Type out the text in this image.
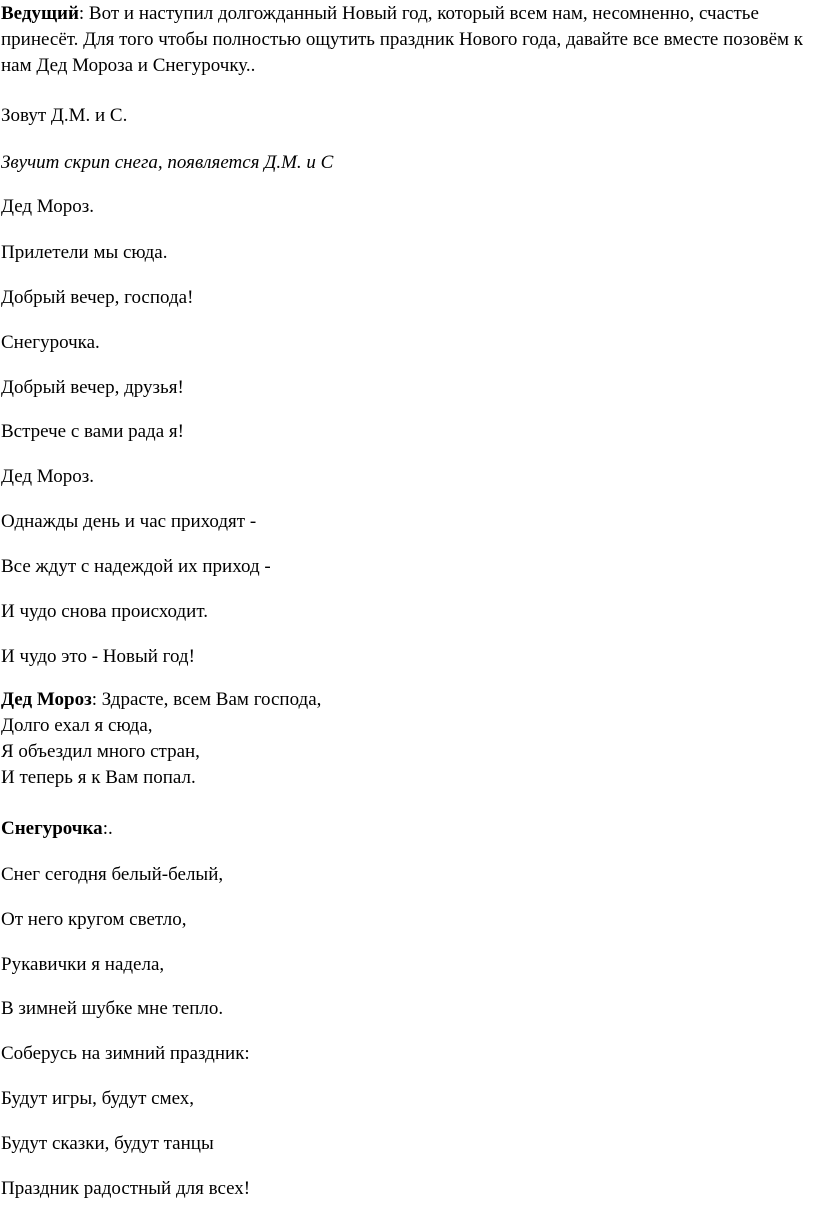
Ведущий: Вот и наступил долгожданный Новый год, который всем нам, несомненно, счастье принесёт. Для того чтобы полностью ощутить праздник Нового года, давайте все вместе позовём к нам Дед Мороза и Снегурочку..

Зовут Д.М. и С.

Звучит скрип снега, появляется Д.М. и С

Дед Мороз.

Прилетели мы сюда.

Добрый вечер, господа!

Снегурочка.

Добрый вечер, друзья!

Встрече с вами рада я!

Дед Мороз.

Однажды день и час приходят -

Все ждут с надеждой их приход -

И чудо снова происходит.

И чудо это - Новый год!

Дед Мороз: Здрасте, всем Вам господа,
Долго ехал я сюда,
Я объездил много стран,
И теперь я к Вам попал.

Снегурочка:.

Снег сегодня белый-белый,

От него кругом светло,

Рукавички я надела,

В зимней шубке мне тепло.

Соберусь на зимний праздник:

Будут игры, будут смех,

Будут сказки, будут танцы

Праздник радостный для всех!
